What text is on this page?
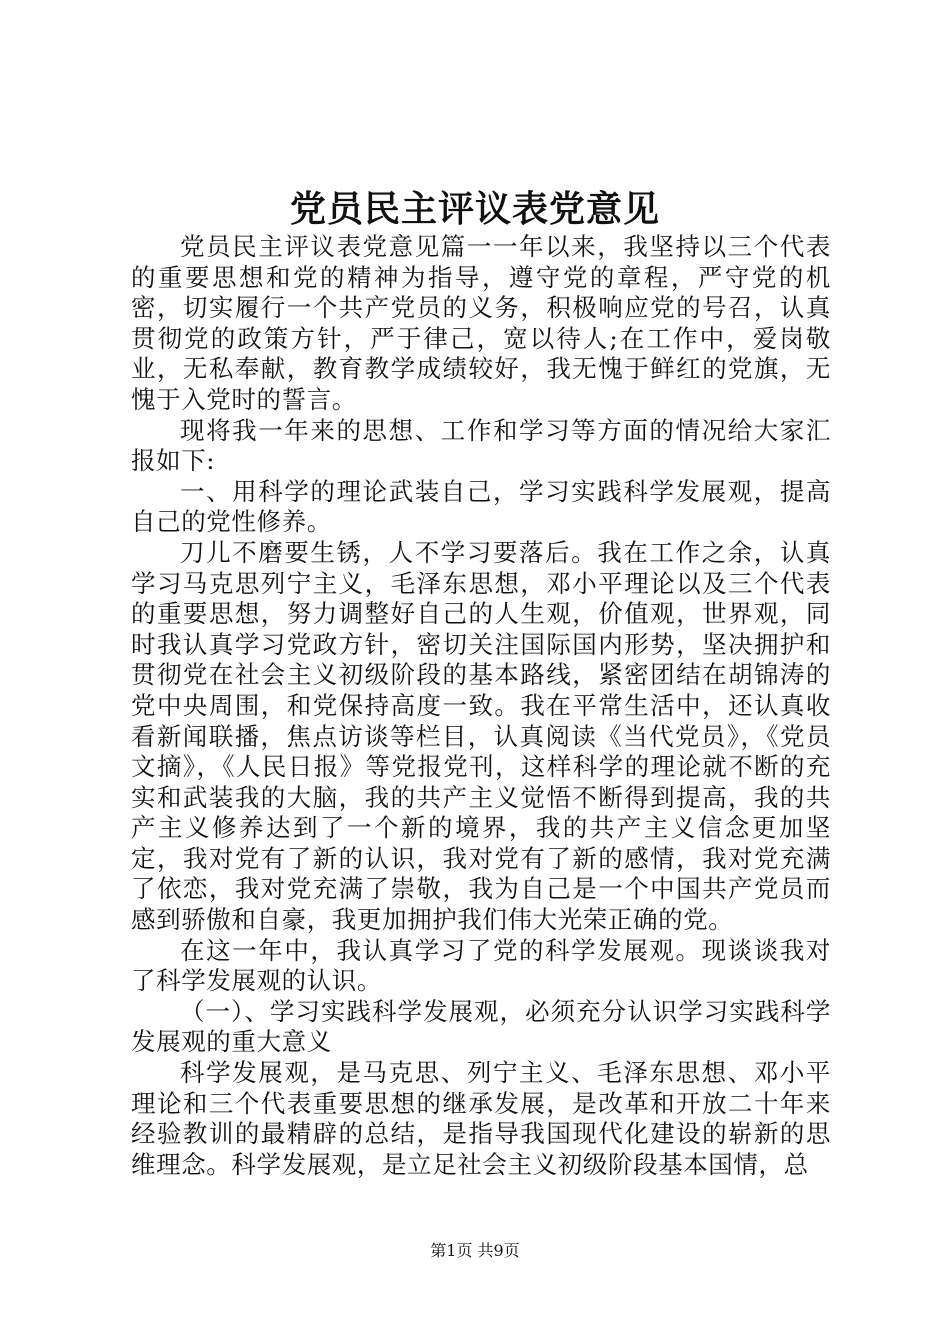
党员民主评议表党意见

党员民主评议表党意见篇一一年以来，我坚持以三个代表的重要思想和党的精神为指导，遵守党的章程，严守党的机密，切实履行一个共产党员的义务，积极响应党的号召，认真贯彻党的政策方针，严于律己，宽以待人;在工作中，爱岗敬业，无私奉献，教育教学成绩较好，我无愧于鲜红的党旗，无愧于入党时的誓言。

现将我一年来的思想、工作和学习等方面的情况给大家汇报如下:

一、用科学的理论武装自己，学习实践科学发展观，提高自己的党性修养。

刀儿不磨要生锈，人不学习要落后。我在工作之余，认真学习马克思列宁主义，毛泽东思想，邓小平理论以及三个代表的重要思想，努力调整好自己的人生观，价值观，世界观，同时我认真学习党政方针，密切关注国际国内形势，坚决拥护和贯彻党在社会主义初级阶段的基本路线，紧密团结在胡锦涛的党中央周围，和党保持高度一致。我在平常生活中，还认真收看新闻联播，焦点访谈等栏目，认真阅读《当代党员》，《党员文摘》，《人民日报》等党报党刊，这样科学的理论就不断的充实和武装我的大脑，我的共产主义觉悟不断得到提高，我的共产主义修养达到了一个新的境界，我的共产主义信念更加坚定，我对党有了新的认识，我对党有了新的感情，我对党充满了依恋，我对党充满了崇敬，我为自己是一个中国共产党员而感到骄傲和自豪，我更加拥护我们伟大光荣正确的党。

在这一年中，我认真学习了党的科学发展观。现谈谈我对了科学发展观的认识。

（一）、学习实践科学发展观，必须充分认识学习实践科学发展观的重大意义

科学发展观，是马克思、列宁主义、毛泽东思想、邓小平理论和三个代表重要思想的继承发展，是改革和开放二十年来经验教训的最精辟的总结，是指导我国现代化建设的崭新的思维理念。科学发展观，是立足社会主义初级阶段基本国情，总

第1页 共9页
